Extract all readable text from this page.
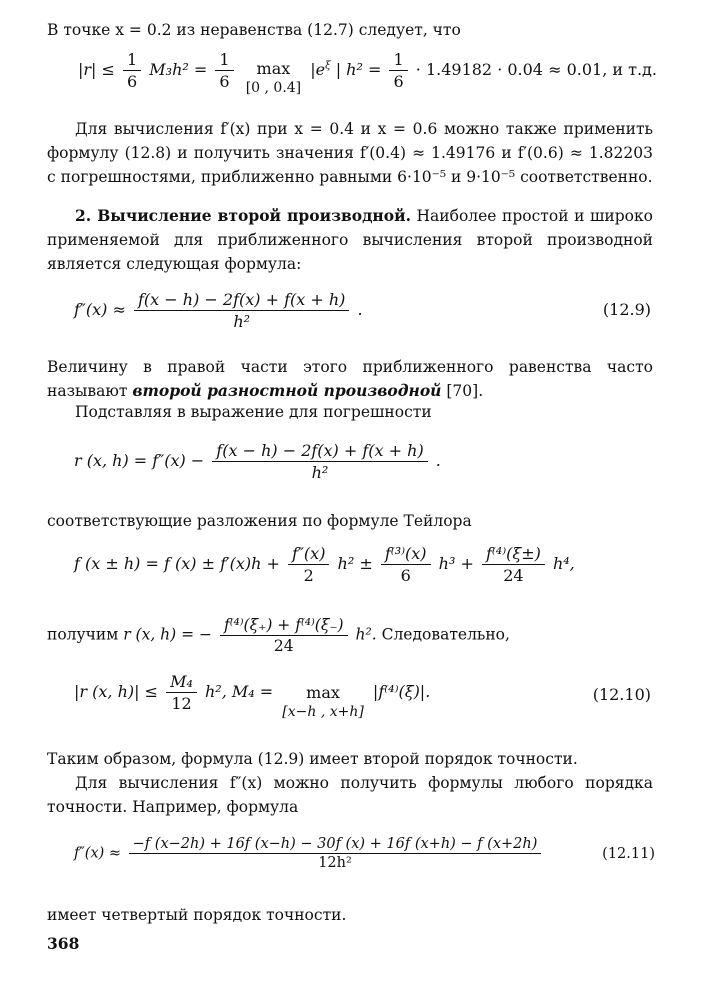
В точке x = 0.2 из неравенства (12.7) следует, что
$|r| \le \frac{1}{6} M_3h^2 = \frac{1}{6}$ max
[0 , 0.4]
$|e^\xi$ | $h^2 = \frac{1}{6} \cdot 1.49182 \cdot 0.04 \approx 0.01$, и т.д.
Для вычисления f′(x) при x = 0.4 и x = 0.6 можно также применить формулу (12.8) и получить значения f′(0.4) ≈ 1.49176 и f′(0.6) ≈ 1.82203 с погрешностями, приближенно равными 6·10⁻⁵ и 9·10⁻⁵ соответственно.
2. Вычисление второй производной. Наиболее простой и широко применяемой для приближенного вычисления второй производной является следующая формула:
$f''(x) \approx \frac{f(x - h) - 2f(x) + f(x + h)}{\text{h²}}$ .	(12.9)
Величину в правой части этого приближенного равенства часто называют второй разностной производной [70].
Подставляя в выражение для погрешности
r (x, $h) = f''(x) - \frac{f(x - h) - 2f(x) + f(x + h)}{\text{h²}}$ .
соответствующие разложения по формуле Тейлора
f (x ± h) = f $(x) \pm f'(x)h + \frac{f''(x)}{2} h^2 \pm \frac{\text{f⁽³⁾(x)}}{6} h^3 + \frac{\text{f⁽⁴⁾(ξ±)}}{24} h^4$,
получим r (x, h) = − $\frac{\text{f⁽⁴⁾(ξ₊) + f⁽⁴⁾(ξ₋)}}{24} h^2$. Следовательно,
|r (x, $h)| \le \frac{\text{M₄}}{12} h^2$, M₄ = max
[x−h , x+h]
|f⁽⁴⁾(ξ)|.	(12.10)
Таким образом, формула (12.9) имеет второй порядок точности.
Для вычисления f″(x) можно получить формулы любого порядка точности. Например, формула
$f''(x) \approx \frac{-f (x-2h) + 16f (x-h) - 30f (x) + 16f (x+h) - f (x+2h)}{\text{12h²}}$	(12.11)
имеет четвертый порядок точности.
368
